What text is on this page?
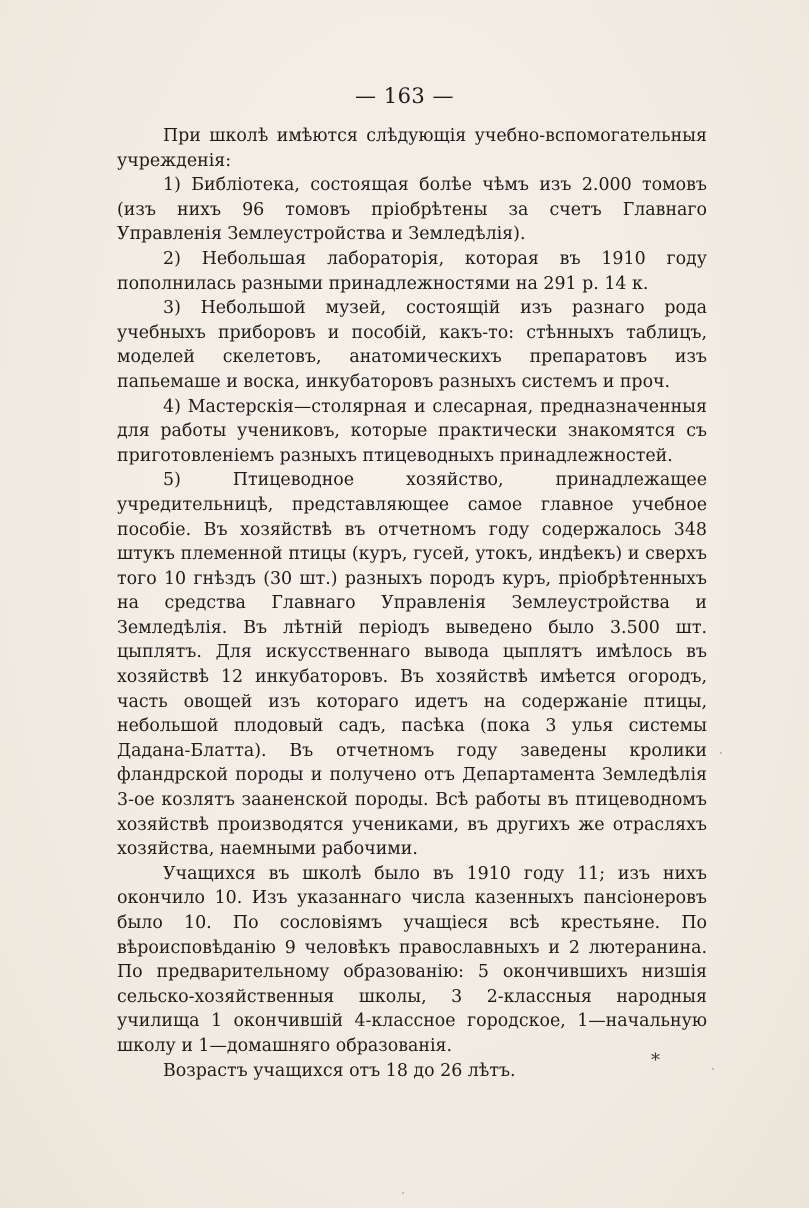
— 163 —

При школѣ имѣются слѣдующія учебно-вспомогательныя учрежденія:

1) Библіотека, состоящая болѣе чѣмъ изъ 2.000 томовъ (изъ нихъ 96 томовъ пріобрѣтены за счетъ Главнаго Управленія Землеустройства и Земледѣлія).

2) Небольшая лабораторія, которая въ 1910 году пополнилась разными принадлежностями на 291 р. 14 к.

3) Небольшой музей, состоящій изъ разнаго рода учебныхъ приборовъ и пособій, какъ-то: стѣнныхъ таблицъ, моделей скелетовъ, анатомическихъ препаратовъ изъ папьемаше и воска, инкубаторовъ разныхъ системъ и проч.

4) Мастерскія—столярная и слесарная, предназначенныя для работы учениковъ, которые практически знакомятся съ приготовленіемъ разныхъ птицеводныхъ принадлежностей.

5) Птицеводное хозяйство, принадлежащее учредительницѣ, представляющее самое главное учебное пособіе. Въ хозяйствѣ въ отчетномъ году содержалось 348 штукъ племенной птицы (куръ, гусей, утокъ, индѣекъ) и сверхъ того 10 гнѣздъ (30 шт.) разныхъ породъ куръ, пріобрѣтенныхъ на средства Главнаго Управленія Землеустройства и Земледѣлія. Въ лѣтній періодъ выведено было 3.500 шт. цыплятъ. Для искусственнаго вывода цыплятъ имѣлось въ хозяйствѣ 12 инкубаторовъ. Въ хозяйствѣ имѣется огородъ, часть овощей изъ котораго идетъ на содержаніе птицы, небольшой плодовый садъ, пасѣка (пока 3 улья системы Дадана-Блатта). Въ отчетномъ году заведены кролики фландрской породы и получено отъ Департамента Земледѣлія 3-ое козлятъ зааненской породы. Всѣ работы въ птицеводномъ хозяйствѣ производятся учениками, въ другихъ же отрасляхъ хозяйства, наемными рабочими.

Учащихся въ школѣ было въ 1910 году 11; изъ нихъ окончило 10. Изъ указаннаго числа казенныхъ пансіонеровъ было 10. По сословіямъ учащіеся всѣ крестьяне. По вѣроисповѣданію 9 человѣкъ православныхъ и 2 лютеранина. По предварительному образованію: 5 окончившихъ низшія сельско-хозяйственныя школы, 3 2-классныя народныя училища 1 окончившій 4-классное городское, 1—начальную школу и 1—домашняго образованія.

Возрастъ учащихся отъ 18 до 26 лѣтъ.	*
